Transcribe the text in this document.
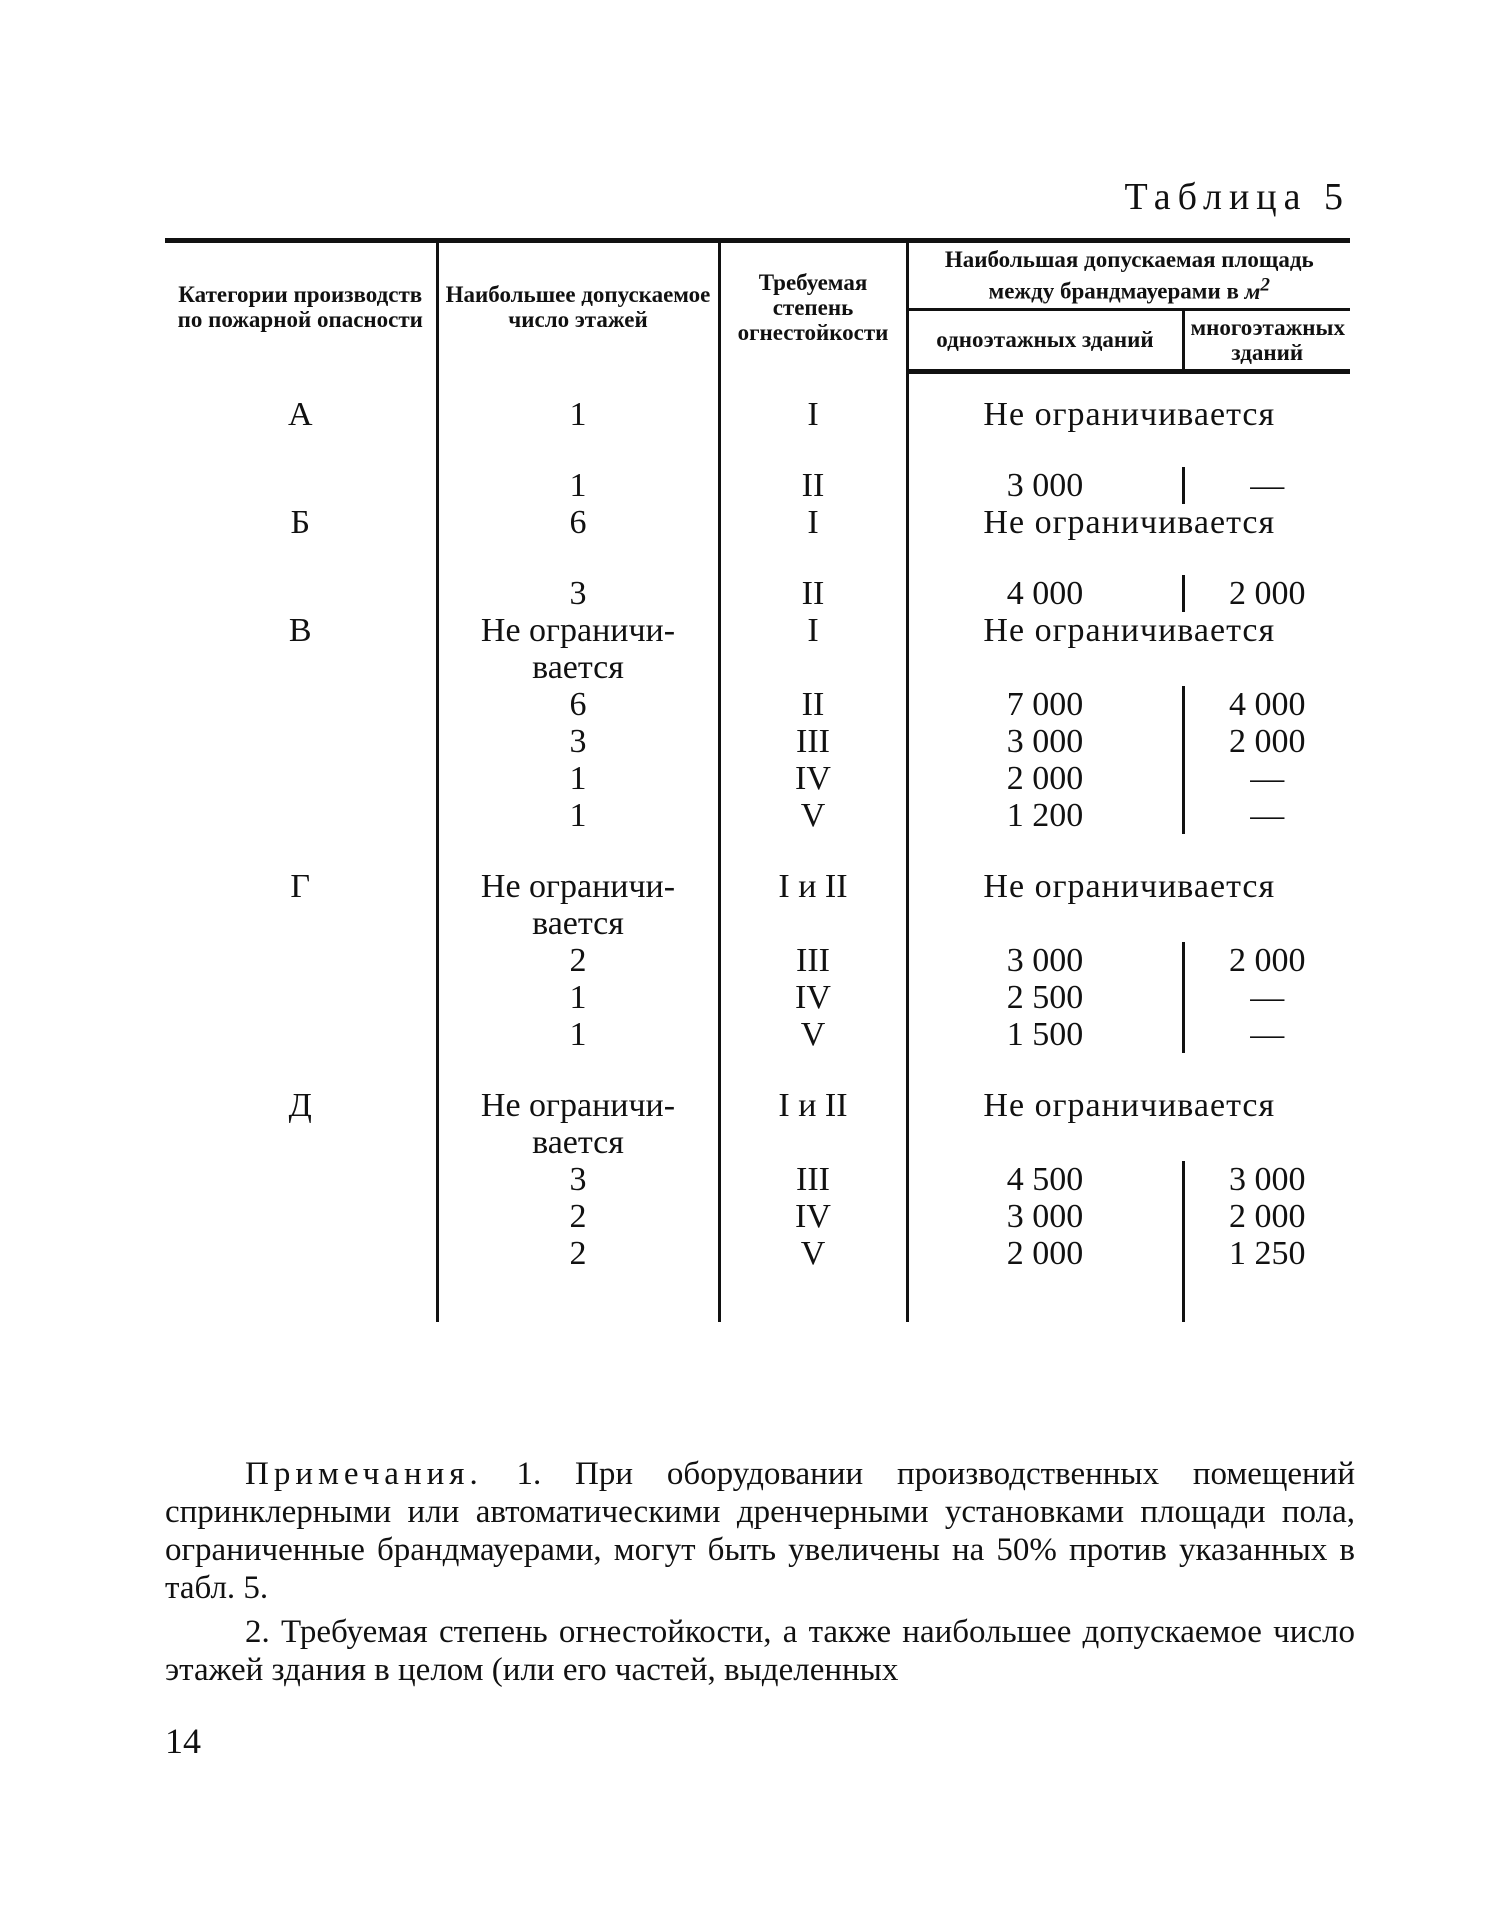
Таблица 5
Категории производств по пожарной опасности	Наибольшее допускаемое число этажей	Требуемая степень огнестойкости	Наибольшая допускаемая площадь между брандмауерами в $м^2$
			одноэтажных зданий	многоэтажных зданий

А	1	I	Не ограничивается	

	1	II	3 000	—
Б	6	I	Не ограничивается	

	3	II	4 000	2 000
В	Не ограничи-	I	Не ограничивается	
	вается			
	6	II	7 000	4 000
	3	III	3 000	2 000
	1	IV	2 000	—
	1	V	1 200	—

Г	Не ограничи-	I и II	Не ограничивается	
	вается			
	2	III	3 000	2 000
	1	IV	2 500	—
	1	V	1 500	—

Д	Не ограничи-	I и II	Не ограничивается	
	вается			
	3	III	4 500	3 000
	2	IV	3 000	2 000
	2	V	2 000	1 250

Примечания. 1. При оборудовании производственных помещений спринклерными или автоматическими дренчерными установками площади пола, ограниченные брандмауерами, могут быть увеличены на 50% против указанных в табл. 5.

2. Требуемая степень огнестойкости, а также наибольшее допускаемое число этажей здания в целом (или его частей, выделенных

14
